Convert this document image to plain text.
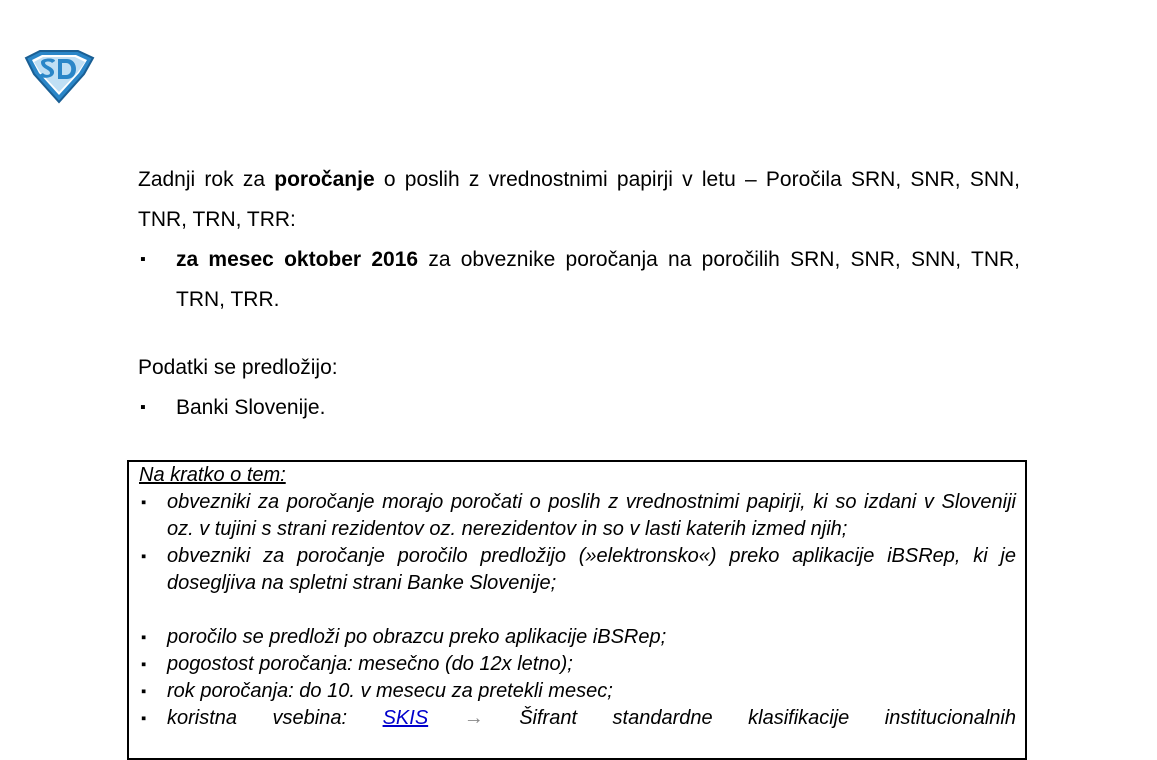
Zadnji rok za poročanje o poslih z vrednostnimi papirji v letu – Poročila SRN, SNR, SNN, TNR, TRN, TRR:

▪ za mesec oktober 2016 za obveznike poročanja na poročilih SRN, SNR, SNN, TNR, TRN, TRR.

Podatki se predložijo:

▪ Banki Slovenije.

Na kratko o tem:

▪ obvezniki za poročanje morajo poročati o poslih z vrednostnimi papirji, ki so izdani v Sloveniji oz. v tujini s strani rezidentov oz. nerezidentov in so v lasti katerih izmed njih;
▪ obvezniki za poročanje poročilo predložijo (»elektronsko«) preko aplikacije iBSRep, ki je dosegljiva na spletni strani Banke Slovenije;
▪ poročilo se predloži po obrazcu preko aplikacije iBSRep;
▪ pogostost poročanja: mesečno (do 12x letno);
▪ rok poročanja: do 10. v mesecu za pretekli mesec;
▪ koristna vsebina: SKIS → Šifrant standardne klasifikacije institucionalnih
